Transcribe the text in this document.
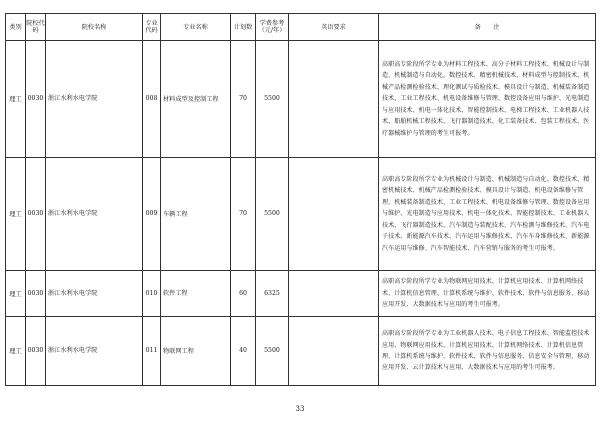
类别	院校代码	院校名称	专业代码	专业名称	计划数	学费参考（元/年）	英语要求	备　　注
理工	0030	浙江水利水电学院	008	材料成型及控制工程	70	5500		高职高专阶段所学专业为材料工程技术、高分子材料工程技术、机械设计与制造、机械制造与自动化、数控技术、精密机械技术、材料成型与控制技术、机械产品检测检验技术、理化测试与质检技术、模具设计与制造、机械装备制造技术、工业工程技术、机电设备维修与管理、数控设备应用与维护、光电制造与应用技术、机电一体化技术、智能控制技术、电梯工程技术、工业机器人技术、船舶机械工程技术、飞行器制造技术、化工装备技术、包装工程技术、医疗器械维护与管理的考生可报考。
理工	0030	浙江水利水电学院	009	车辆工程	70	5500		高职高专阶段所学专业为机械设计与制造、机械制造与自动化、数控技术、精密机械技术、机械产品检测检验技术、模具设计与制造、机电设备维修与管理、机械装备制造技术、工业工程技术、机电设备维修与管理、数控设备应用与维护、光电制造与应用技术、机电一体化技术、智能控制技术、工业机器人技术、飞行器制造技术、汽车制造与装配技术、汽车检测与维修技术、汽车电子技术、新能源汽车技术、汽车运用与维修技术、汽车车身维修技术、新能源汽车运用与维修、汽车智能技术、汽车营销与服务的考生可报考。
理工	0030	浙江水利水电学院	010	软件工程	60	6325		高职高专阶段所学专业为物联网应用技术、计算机应用技术、计算机网络技术、计算机信息管理、计算机系统与维护、软件技术、软件与信息服务、移动应用开发、大数据技术与应用的考生可报考。
理工	0030	浙江水利水电学院	011	物联网工程	40	5500		高职高专阶段所学专业为工业机器人技术、电子信息工程技术、智能监控技术应用、物联网应用技术、计算机应用技术、计算机网络技术、计算机信息管理、计算机系统与维护、软件技术、软件与信息服务、信息安全与管理、移动应用开发、云计算技术与应用、大数据技术与应用的考生可报考。
33
